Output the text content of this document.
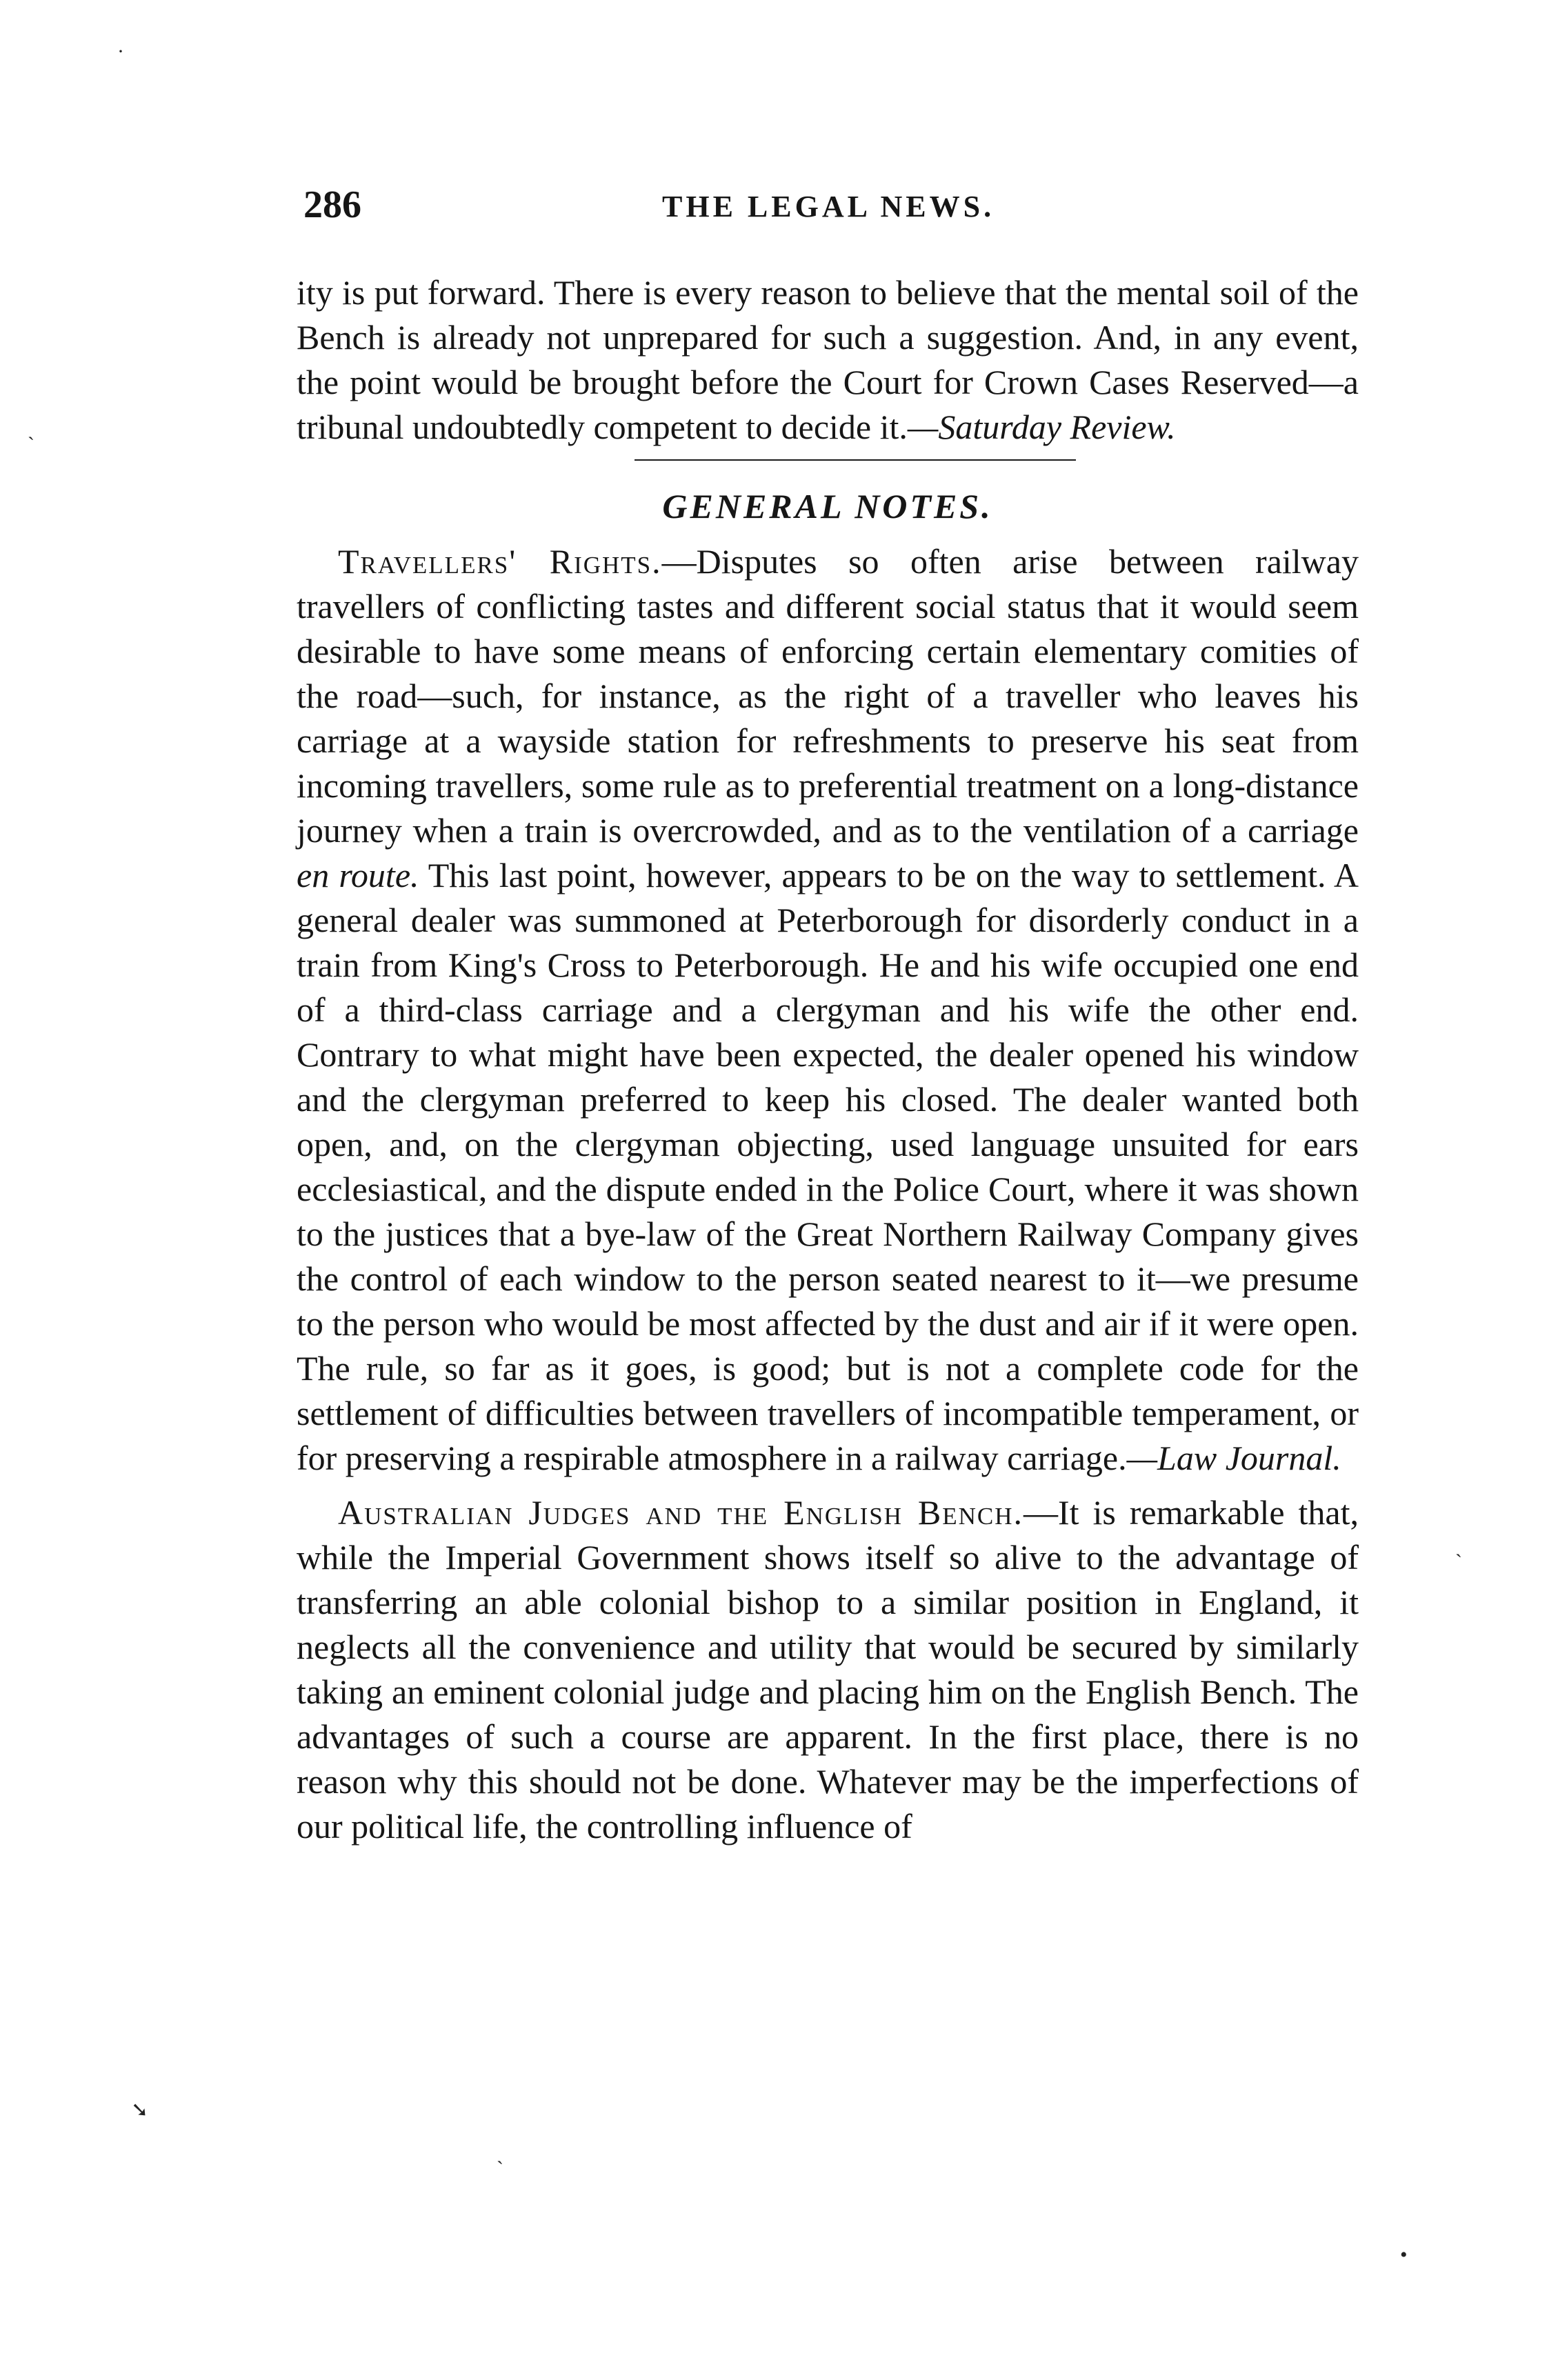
286	THE LEGAL NEWS.

ity is put forward. There is every reason to believe that the mental soil of the Bench is already not unprepared for such a suggestion. And, in any event, the point would be brought before the Court for Crown Cases Reserved—a tribunal undoubtedly competent to decide it.—Saturday Review.

GENERAL NOTES.

Travellers' Rights.—Disputes so often arise between railway travellers of conflicting tastes and different social status that it would seem desirable to have some means of enforcing certain elementary comities of the road—such, for instance, as the right of a traveller who leaves his carriage at a wayside station for refreshments to preserve his seat from incoming travellers, some rule as to preferential treatment on a long-distance journey when a train is overcrowded, and as to the ventilation of a carriage en route. This last point, however, appears to be on the way to settlement. A general dealer was summoned at Peterborough for disorderly conduct in a train from King's Cross to Peterborough. He and his wife occupied one end of a third-class carriage and a clergyman and his wife the other end. Contrary to what might have been expected, the dealer opened his window and the clergyman preferred to keep his closed. The dealer wanted both open, and, on the clergyman objecting, used language unsuited for ears ecclesiastical, and the dispute ended in the Police Court, where it was shown to the justices that a bye-law of the Great Northern Railway Company gives the control of each window to the person seated nearest to it—we presume to the person who would be most affected by the dust and air if it were open. The rule, so far as it goes, is good; but is not a complete code for the settlement of difficulties between travellers of incompatible temperament, or for preserving a respirable atmosphere in a railway carriage.—Law Journal.

Australian Judges and the English Bench.—It is remarkable that, while the Imperial Government shows itself so alive to the advantage of transferring an able colonial bishop to a similar position in England, it neglects all the convenience and utility that would be secured by similarly taking an eminent colonial judge and placing him on the English Bench. The advantages of such a course are apparent. In the first place, there is no reason why this should not be done. Whatever may be the imperfections of our political life, the controlling influence of

·
ˋ
ˋ
➘
ˋ
•
